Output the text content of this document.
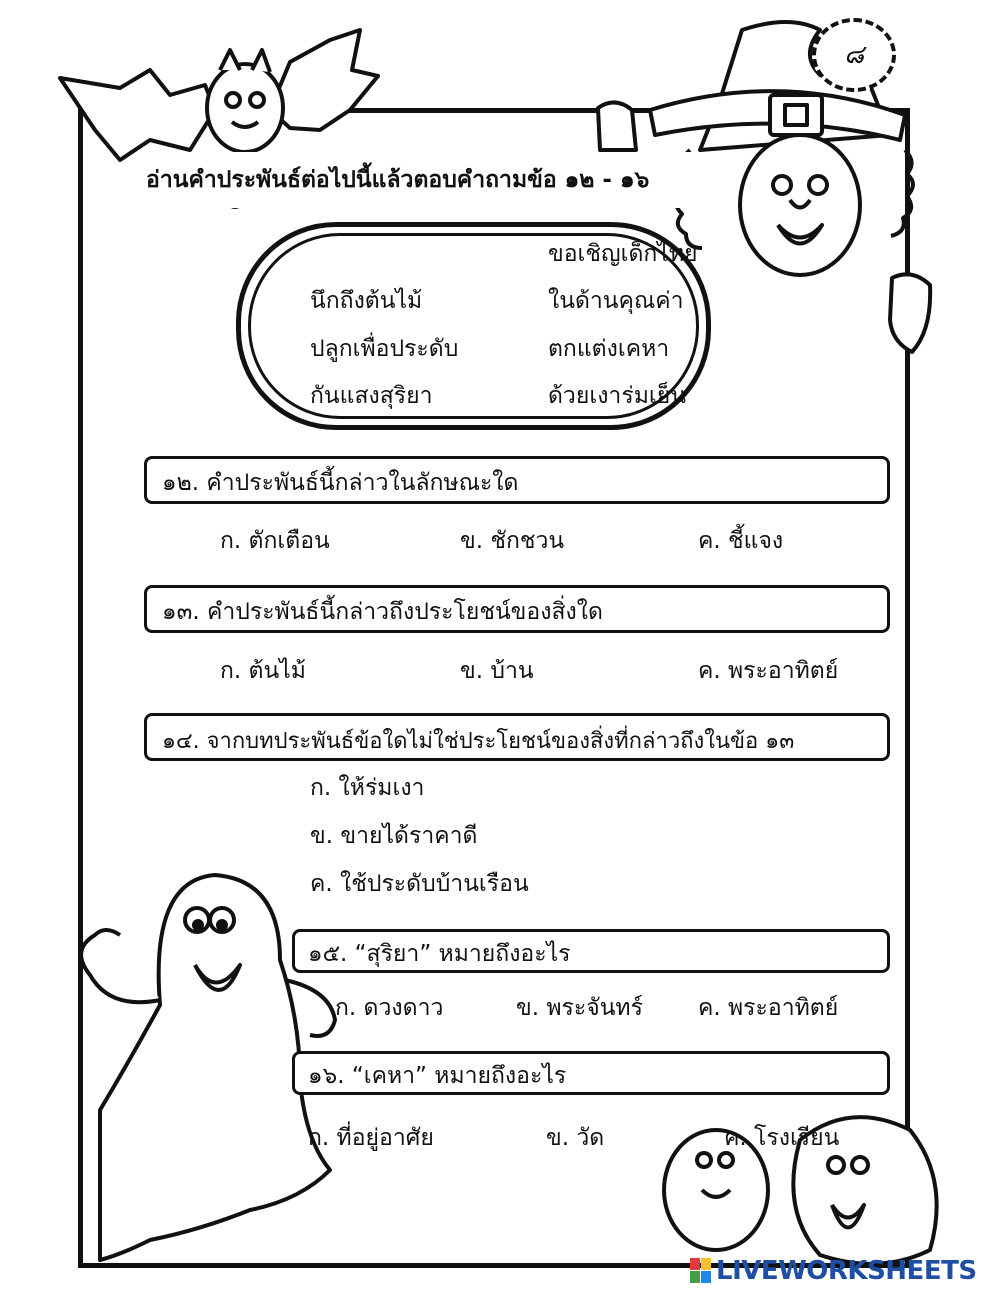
๘
อ่านคำประพันธ์ต่อไปนี้แล้วตอบคำถามข้อ ๑๒ - ๑๖
ขอเชิญเด็กไทย
นึกถึงต้นไม้	ในด้านคุณค่า
ปลูกเพื่อประดับ	ตกแต่งเคหา
กันแสงสุริยา	ด้วยเงาร่มเย็น
๑๒. คำประพันธ์นี้กล่าวในลักษณะใด
ก. ตักเตือน	ข. ชักชวน	ค. ชี้แจง
๑๓. คำประพันธ์นี้กล่าวถึงประโยชน์ของสิ่งใด
ก. ต้นไม้	ข. บ้าน	ค. พระอาทิตย์
๑๔. จากบทประพันธ์ข้อใดไม่ใช่ประโยชน์ของสิ่งที่กล่าวถึงในข้อ ๑๓
ก. ให้ร่มเงา
ข. ขายได้ราคาดี
ค. ใช้ประดับบ้านเรือน
๑๕. “สุริยา” หมายถึงอะไร
ก. ดวงดาว	ข. พระจันทร์ ค. พระอาทิตย์
๑๖. “เคหา” หมายถึงอะไร
ก. ที่อยู่อาศัย	ข. วัด	ค. โรงเรียน
LIVEWORKSHEETS
